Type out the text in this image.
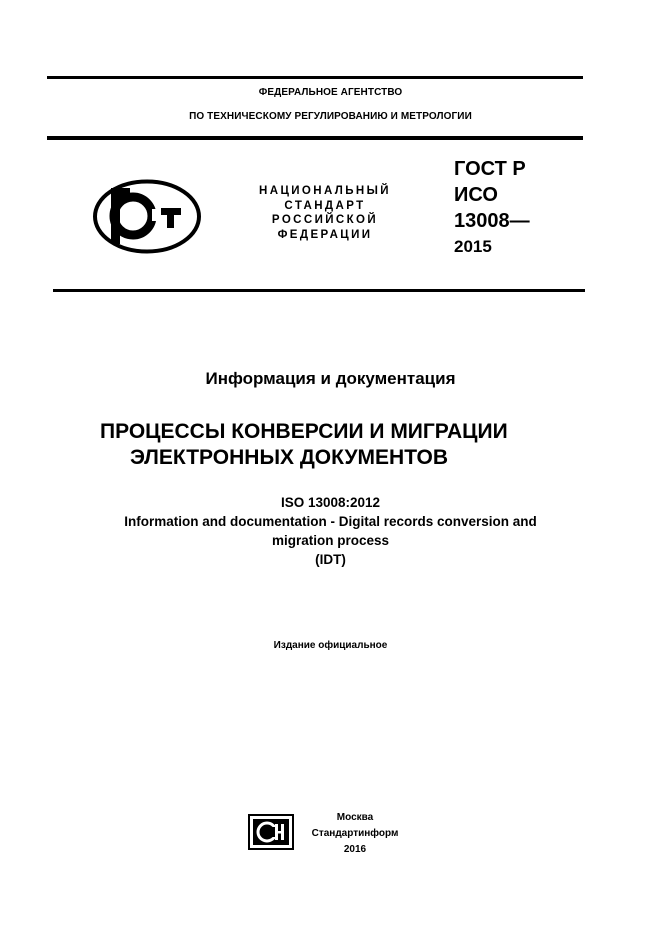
ФЕДЕРАЛЬНОЕ АГЕНТСТВО
ПО ТЕХНИЧЕСКОМУ РЕГУЛИРОВАНИЮ И МЕТРОЛОГИИ
НАЦИОНАЛЬНЫЙ
СТАНДАРТ
РОССИЙСКОЙ
ФЕДЕРАЦИИ
ГОСТ Р
ИСО
13008—
2015
Информация и документация
ПРОЦЕССЫ КОНВЕРСИИ И МИГРАЦИИ
ЭЛЕКТРОННЫХ ДОКУМЕНТОВ
ISO 13008:2012
Information and documentation - Digital records conversion and
migration process
(IDT)
Издание официальное
Москва
Стандартинформ
2016
